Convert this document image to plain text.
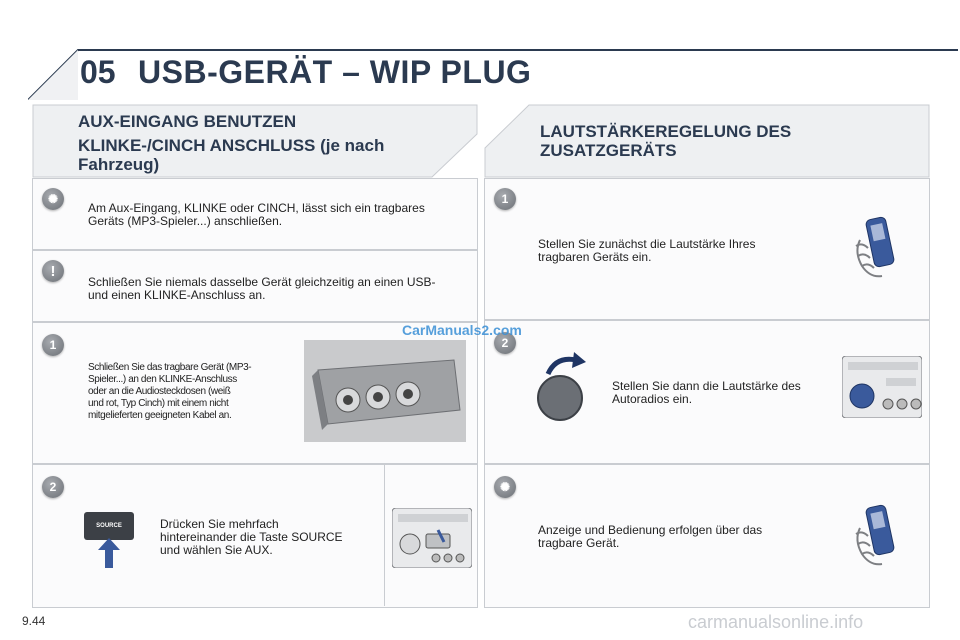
05 USB-GERÄT – WIP PLUG
AUX-EINGANG BENUTZEN
KLINKE-/CINCH ANSCHLUSS (je nach
Fahrzeug)
✺
Am Aux-Eingang, KLINKE oder CINCH, lässt sich ein tragbares
Geräts (MP3-Spieler...) anschließen.
!
Schließen Sie niemals dasselbe Gerät gleichzeitig an einen USB-
und einen KLINKE-Anschluss an.
1
Schließen Sie das tragbare Gerät (MP3-
Spieler...) an den KLINKE-Anschluss
oder an die Audiosteckdosen (weiß
und rot, Typ Cinch) mit einem nicht
mitgelieferten geeigneten Kabel an.
2
SOURCE	Drücken Sie mehrfach
hintereinander die Taste SOURCE
und wählen Sie AUX.
LAUTSTÄRKEREGELUNG DES
ZUSATZGERÄTS
1
Stellen Sie zunächst die Lautstärke Ihres
tragbaren Geräts ein.
2
Stellen Sie dann die Lautstärke des
Autoradios ein.
✺
Anzeige und Bedienung erfolgen über das
tragbare Gerät.
CarManuals2.com
9.44	carmanualsonline.info
